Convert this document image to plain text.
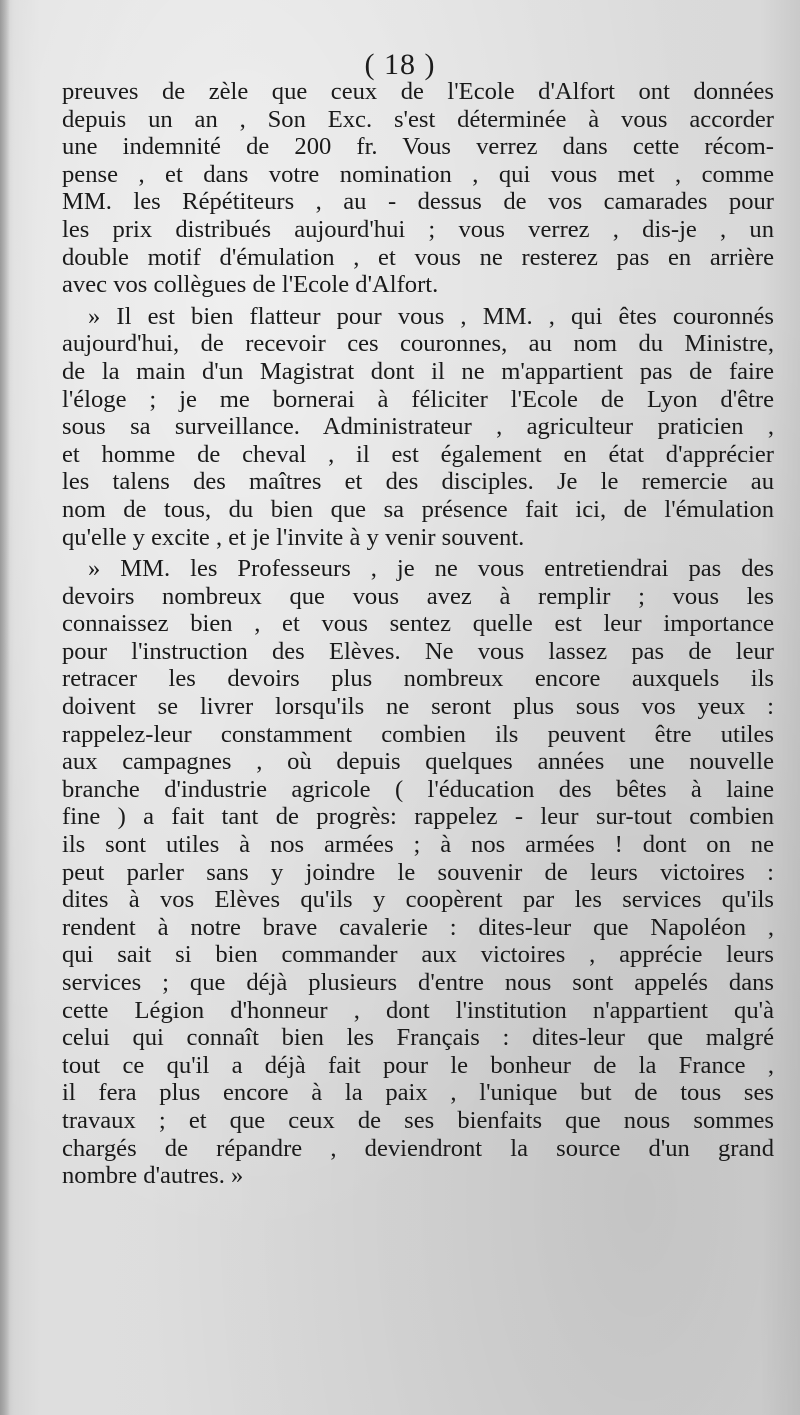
( 18 )

preuves de zèle que ceux de l'Ecole d'Alfort ont données
depuis un an , Son Exc. s'est déterminée à vous accorder
une indemnité de 200 fr. Vous verrez dans cette récom-
pense , et dans votre nomination , qui vous met , comme
MM. les Répétiteurs , au - dessus de vos camarades pour
les prix distribués aujourd'hui ; vous verrez , dis-je , un
double motif d'émulation , et vous ne resterez pas en arrière
avec vos collègues de l'Ecole d'Alfort.

» Il est bien flatteur pour vous , MM. , qui êtes couronnés
aujourd'hui, de recevoir ces couronnes, au nom du Ministre,
de la main d'un Magistrat dont il ne m'appartient pas de faire
l'éloge ; je me bornerai à féliciter l'Ecole de Lyon d'être
sous sa surveillance. Administrateur , agriculteur praticien ,
et homme de cheval , il est également en état d'apprécier
les talens des maîtres et des disciples. Je le remercie au
nom de tous, du bien que sa présence fait ici, de l'émulation
qu'elle y excite , et je l'invite à y venir souvent.

» MM. les Professeurs , je ne vous entretiendrai pas des
devoirs nombreux que vous avez à remplir ; vous les
connaissez bien , et vous sentez quelle est leur importance
pour l'instruction des Elèves. Ne vous lassez pas de leur
retracer les devoirs plus nombreux encore auxquels ils
doivent se livrer lorsqu'ils ne seront plus sous vos yeux :
rappelez-leur constamment combien ils peuvent être utiles
aux campagnes , où depuis quelques années une nouvelle
branche d'industrie agricole ( l'éducation des bêtes à laine
fine ) a fait tant de progrès: rappelez - leur sur-tout combien
ils sont utiles à nos armées ; à nos armées ! dont on ne
peut parler sans y joindre le souvenir de leurs victoires :
dites à vos Elèves qu'ils y coopèrent par les services qu'ils
rendent à notre brave cavalerie : dites-leur que Napoléon ,
qui sait si bien commander aux victoires , apprécie leurs
services ; que déjà plusieurs d'entre nous sont appelés dans
cette Légion d'honneur , dont l'institution n'appartient qu'à
celui qui connaît bien les Français : dites-leur que malgré
tout ce qu'il a déjà fait pour le bonheur de la France ,
il fera plus encore à la paix , l'unique but de tous ses
travaux ; et que ceux de ses bienfaits que nous sommes
chargés de répandre , deviendront la source d'un grand
nombre d'autres. »
